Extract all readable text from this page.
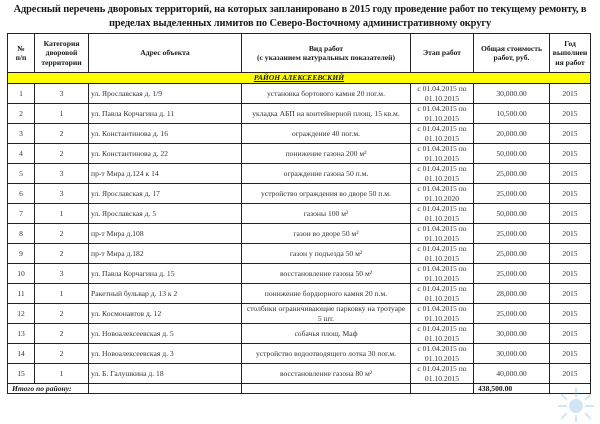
Адресный перечень дворовых территорий, на которых запланировано в 2015 году проведение работ по текущему ремонту, в
пределах выделенных лимитов по Северо-Восточному административному округу
№
п/п	Категория
дворовой
территории	Адрес объекта	Вид работ
(с указанием натуральных показателей)	Этап работ	Общая стоимость
работ, руб.	Год
выполнен
ия работ
РАЙОН АЛЕКСЕЕВСКИЙ						
1	3	ул. Ярославская д. 1/9	установка бортового камня 20 пог.м.	с 01.04.2015 по
01.10.2015	30,000.00	2015
2	1	ул. Павла Корчагина д. 11	укладка АБП на контейнерной площ. 15 кв.м.	с 01.04.2015 по
01.10.2015	10,500.00	2015
3	2	ул. Константинова д. 16	ограждение 40 пог.м.	с 01.04.2015 по
01.10.2015	20,000.00	2015
4	2	ул. Константинова д. 22	понижение газона 200 м²	с 01.04.2015 по
01.10.2015	50,000.00	2015
5	3	пр-т Мира д.124 к 14	ограждение газона 50 п.м.	с 01.04.2015 по
01.10.2015	25,000.00	2015
6	3	ул. Ярославская д. 17	устройство ограждения во дворе 50 п.м.	с 01.04.2015 по
01.10.2020	25,000.00	2015
7	1	ул. Ярославская д. 5	газоны 100 м²	с 01.04.2015 по
01.10.2015	50,000.00	2015
8	2	пр-т Мира д.108	газон во дворе 50 м²	с 01.04.2015 по
01.10.2015	25,000.00	2015
9	2	пр-т Мира д.182	газон у подъезда 50 м²	с 01.04.2015 по
01.10.2015	25,000.00	2015
10	3	ул. Павла Корчагина д. 15	восстановление газона 50 м²	с 01.04.2015 по
01.10.2015	25,000.00	2015
11	1	Ракетный бульвар д. 13 к 2	понижение бордюрного камня 20 п.м.	с 01.04.2015 по
01.10.2015	28,000.00	2015
12	2	ул. Космонавтов д. 12	столбики ограничивающие парковку на тротуаре 5 шт.	с 01.04.2015 по
01.10.2015	25,000.00	2015
13	2	ул. Новоалексеевская д. 5	собачья площ. Маф	с 01.04.2015 по
01.10.2015	30,000.00	2015
14	2	ул. Новоалексеевская д. 3	устройство водоотводящего лотка 30 пог.м.	с 01.04.2015 по
01.10.2015	30,000.00	2015
15	1	ул. Б. Галушкина д. 18	восстановление газона 80 м²	с 01.04.2015 по
01.10.2015	40,000.00	2015
Итого по району:					438,500.00	
